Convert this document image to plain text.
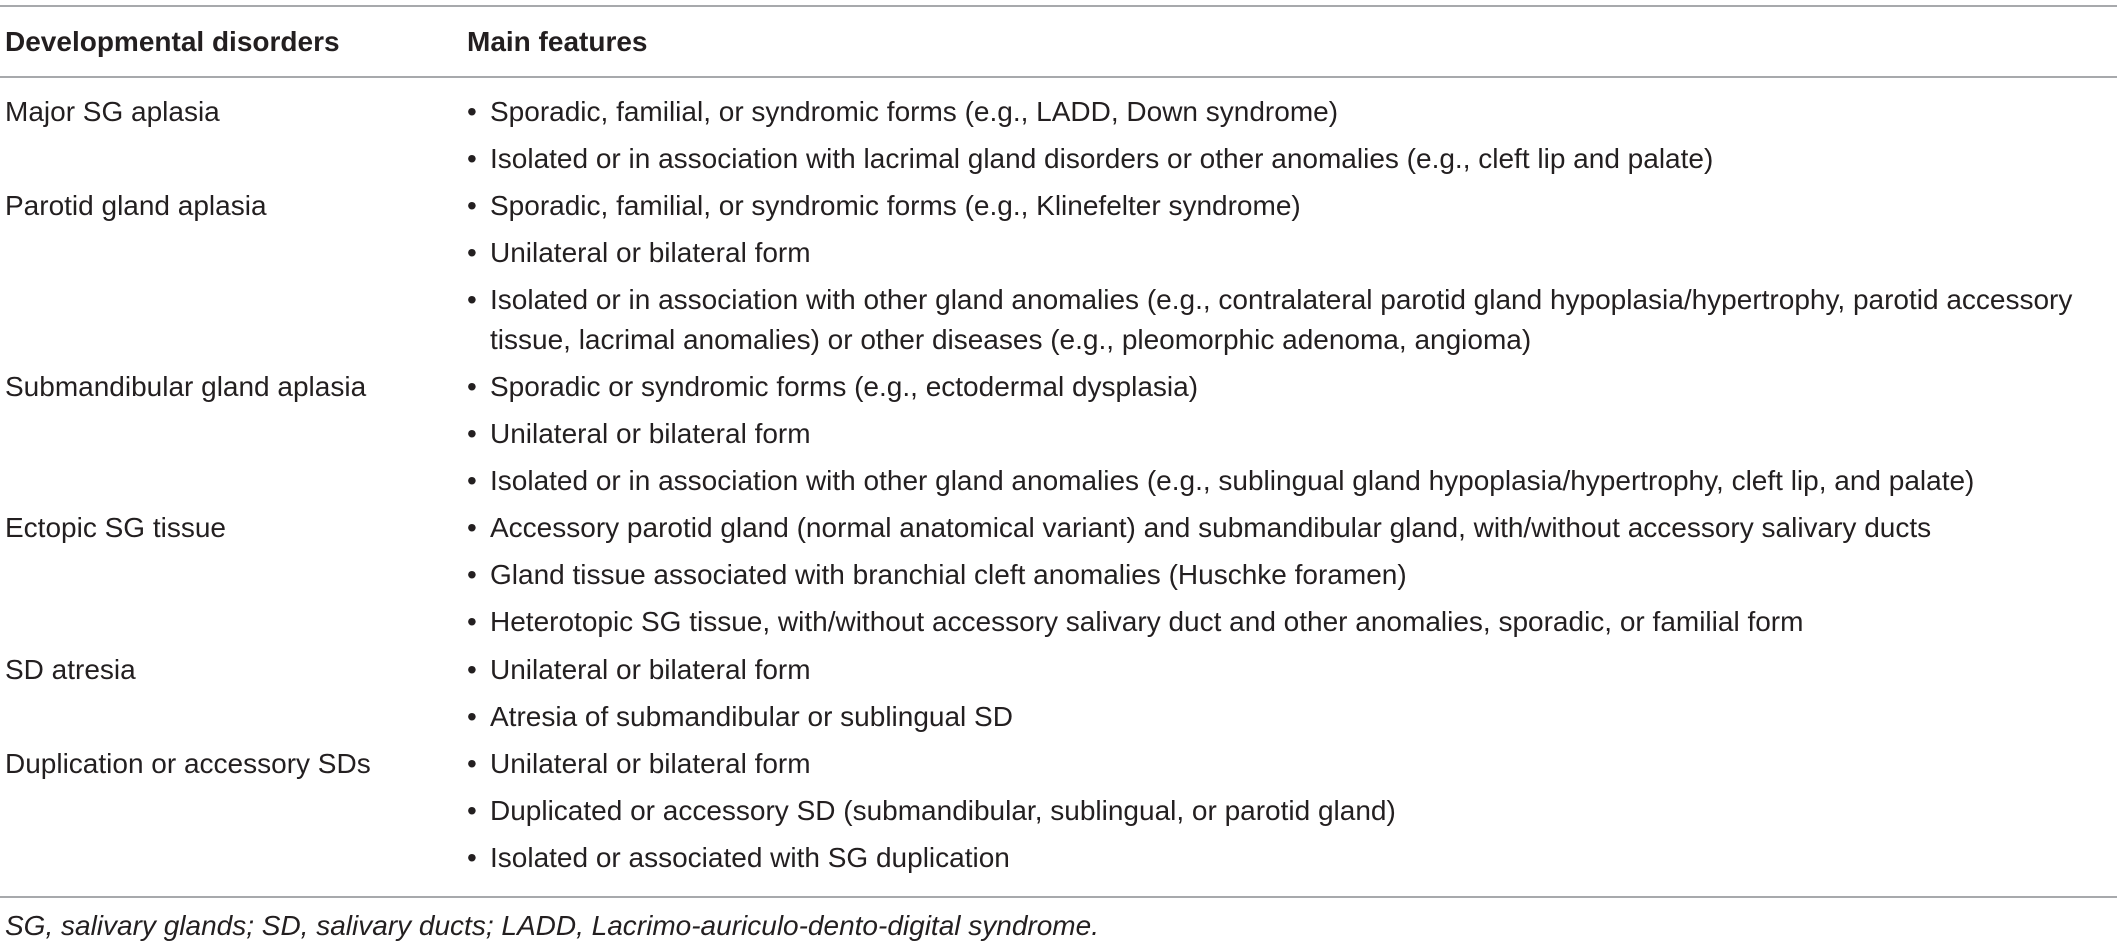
Developmental disorders	Main features
Major SG aplasia	• Sporadic, familial, or syndromic forms (e.g., LADD, Down syndrome)
• Isolated or in association with lacrimal gland disorders or other anomalies (e.g., cleft lip and palate)
Parotid gland aplasia	• Sporadic, familial, or syndromic forms (e.g., Klinefelter syndrome)
• Unilateral or bilateral form
• Isolated or in association with other gland anomalies (e.g., contralateral parotid gland hypoplasia/hypertrophy, parotid accessory tissue, lacrimal anomalies) or other diseases (e.g., pleomorphic adenoma, angioma)
Submandibular gland aplasia	• Sporadic or syndromic forms (e.g., ectodermal dysplasia)
• Unilateral or bilateral form
• Isolated or in association with other gland anomalies (e.g., sublingual gland hypoplasia/hypertrophy, cleft lip, and palate)
Ectopic SG tissue	• Accessory parotid gland (normal anatomical variant) and submandibular gland, with/without accessory salivary ducts
• Gland tissue associated with branchial cleft anomalies (Huschke foramen)
• Heterotopic SG tissue, with/without accessory salivary duct and other anomalies, sporadic, or familial form
SD atresia	• Unilateral or bilateral form
• Atresia of submandibular or sublingual SD
Duplication or accessory SDs	• Unilateral or bilateral form
• Duplicated or accessory SD (submandibular, sublingual, or parotid gland)
• Isolated or associated with SG duplication
SG, salivary glands; SD, salivary ducts; LADD, Lacrimo-auriculo-dento-digital syndrome.
